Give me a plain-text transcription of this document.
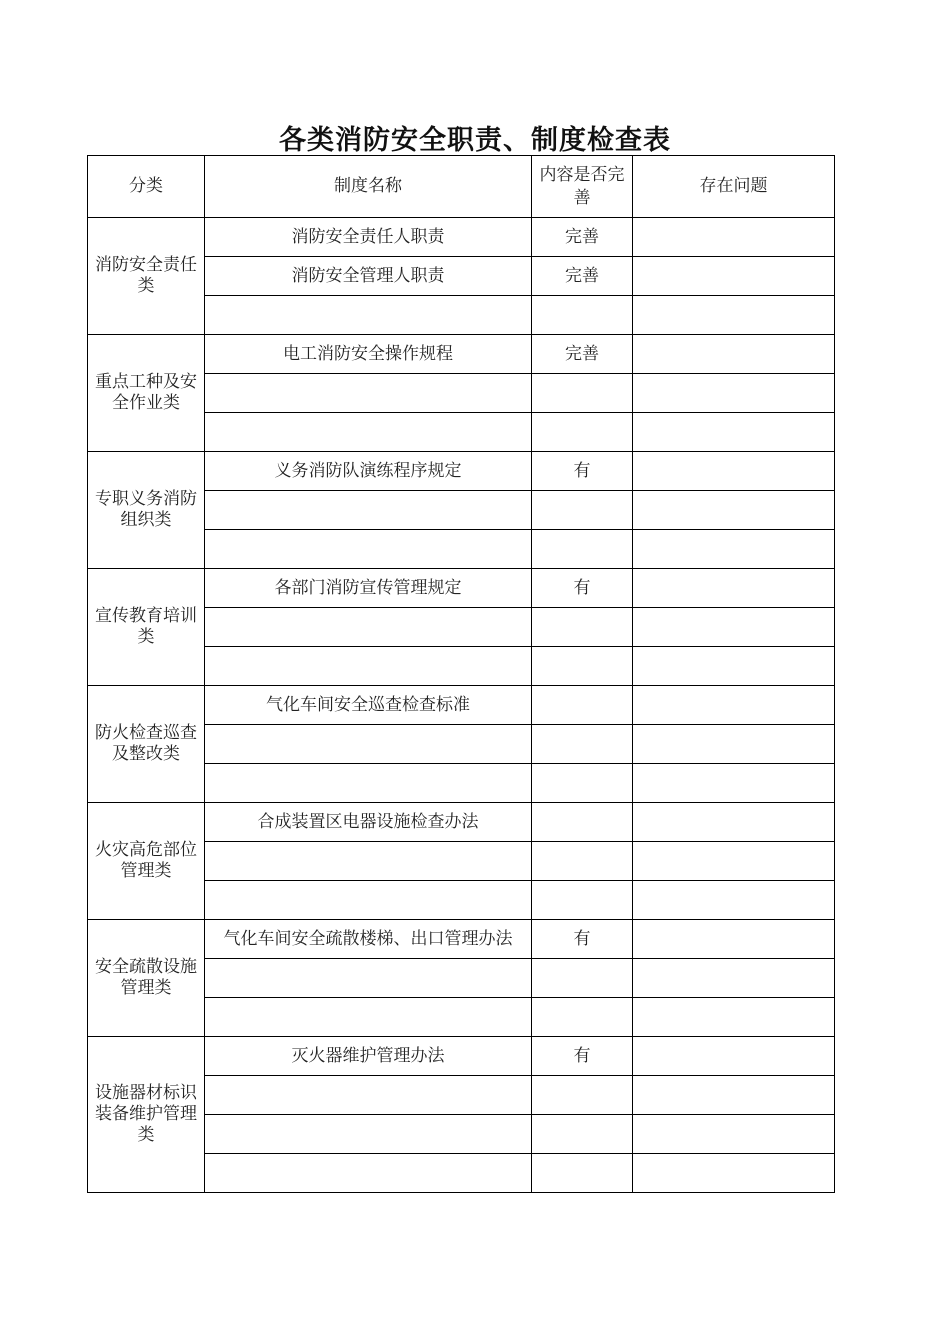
各类消防安全职责、制度检查表
分类	制度名称	内容是否完善	存在问题
消防安全责任类	消防安全责任人职责	完善	
	消防安全管理人职责	完善	

重点工种及安全作业类	电工消防安全操作规程	完善	

专职义务消防组织类	义务消防队演练程序规定	有	

宣传教育培训类	各部门消防宣传管理规定	有	

防火检查巡查及整改类	气化车间安全巡查检查标准		

火灾高危部位管理类	合成装置区电器设施检查办法		

安全疏散设施管理类	气化车间安全疏散楼梯、出口管理办法	有	

设施器材标识装备维护管理类	灭火器维护管理办法	有	
